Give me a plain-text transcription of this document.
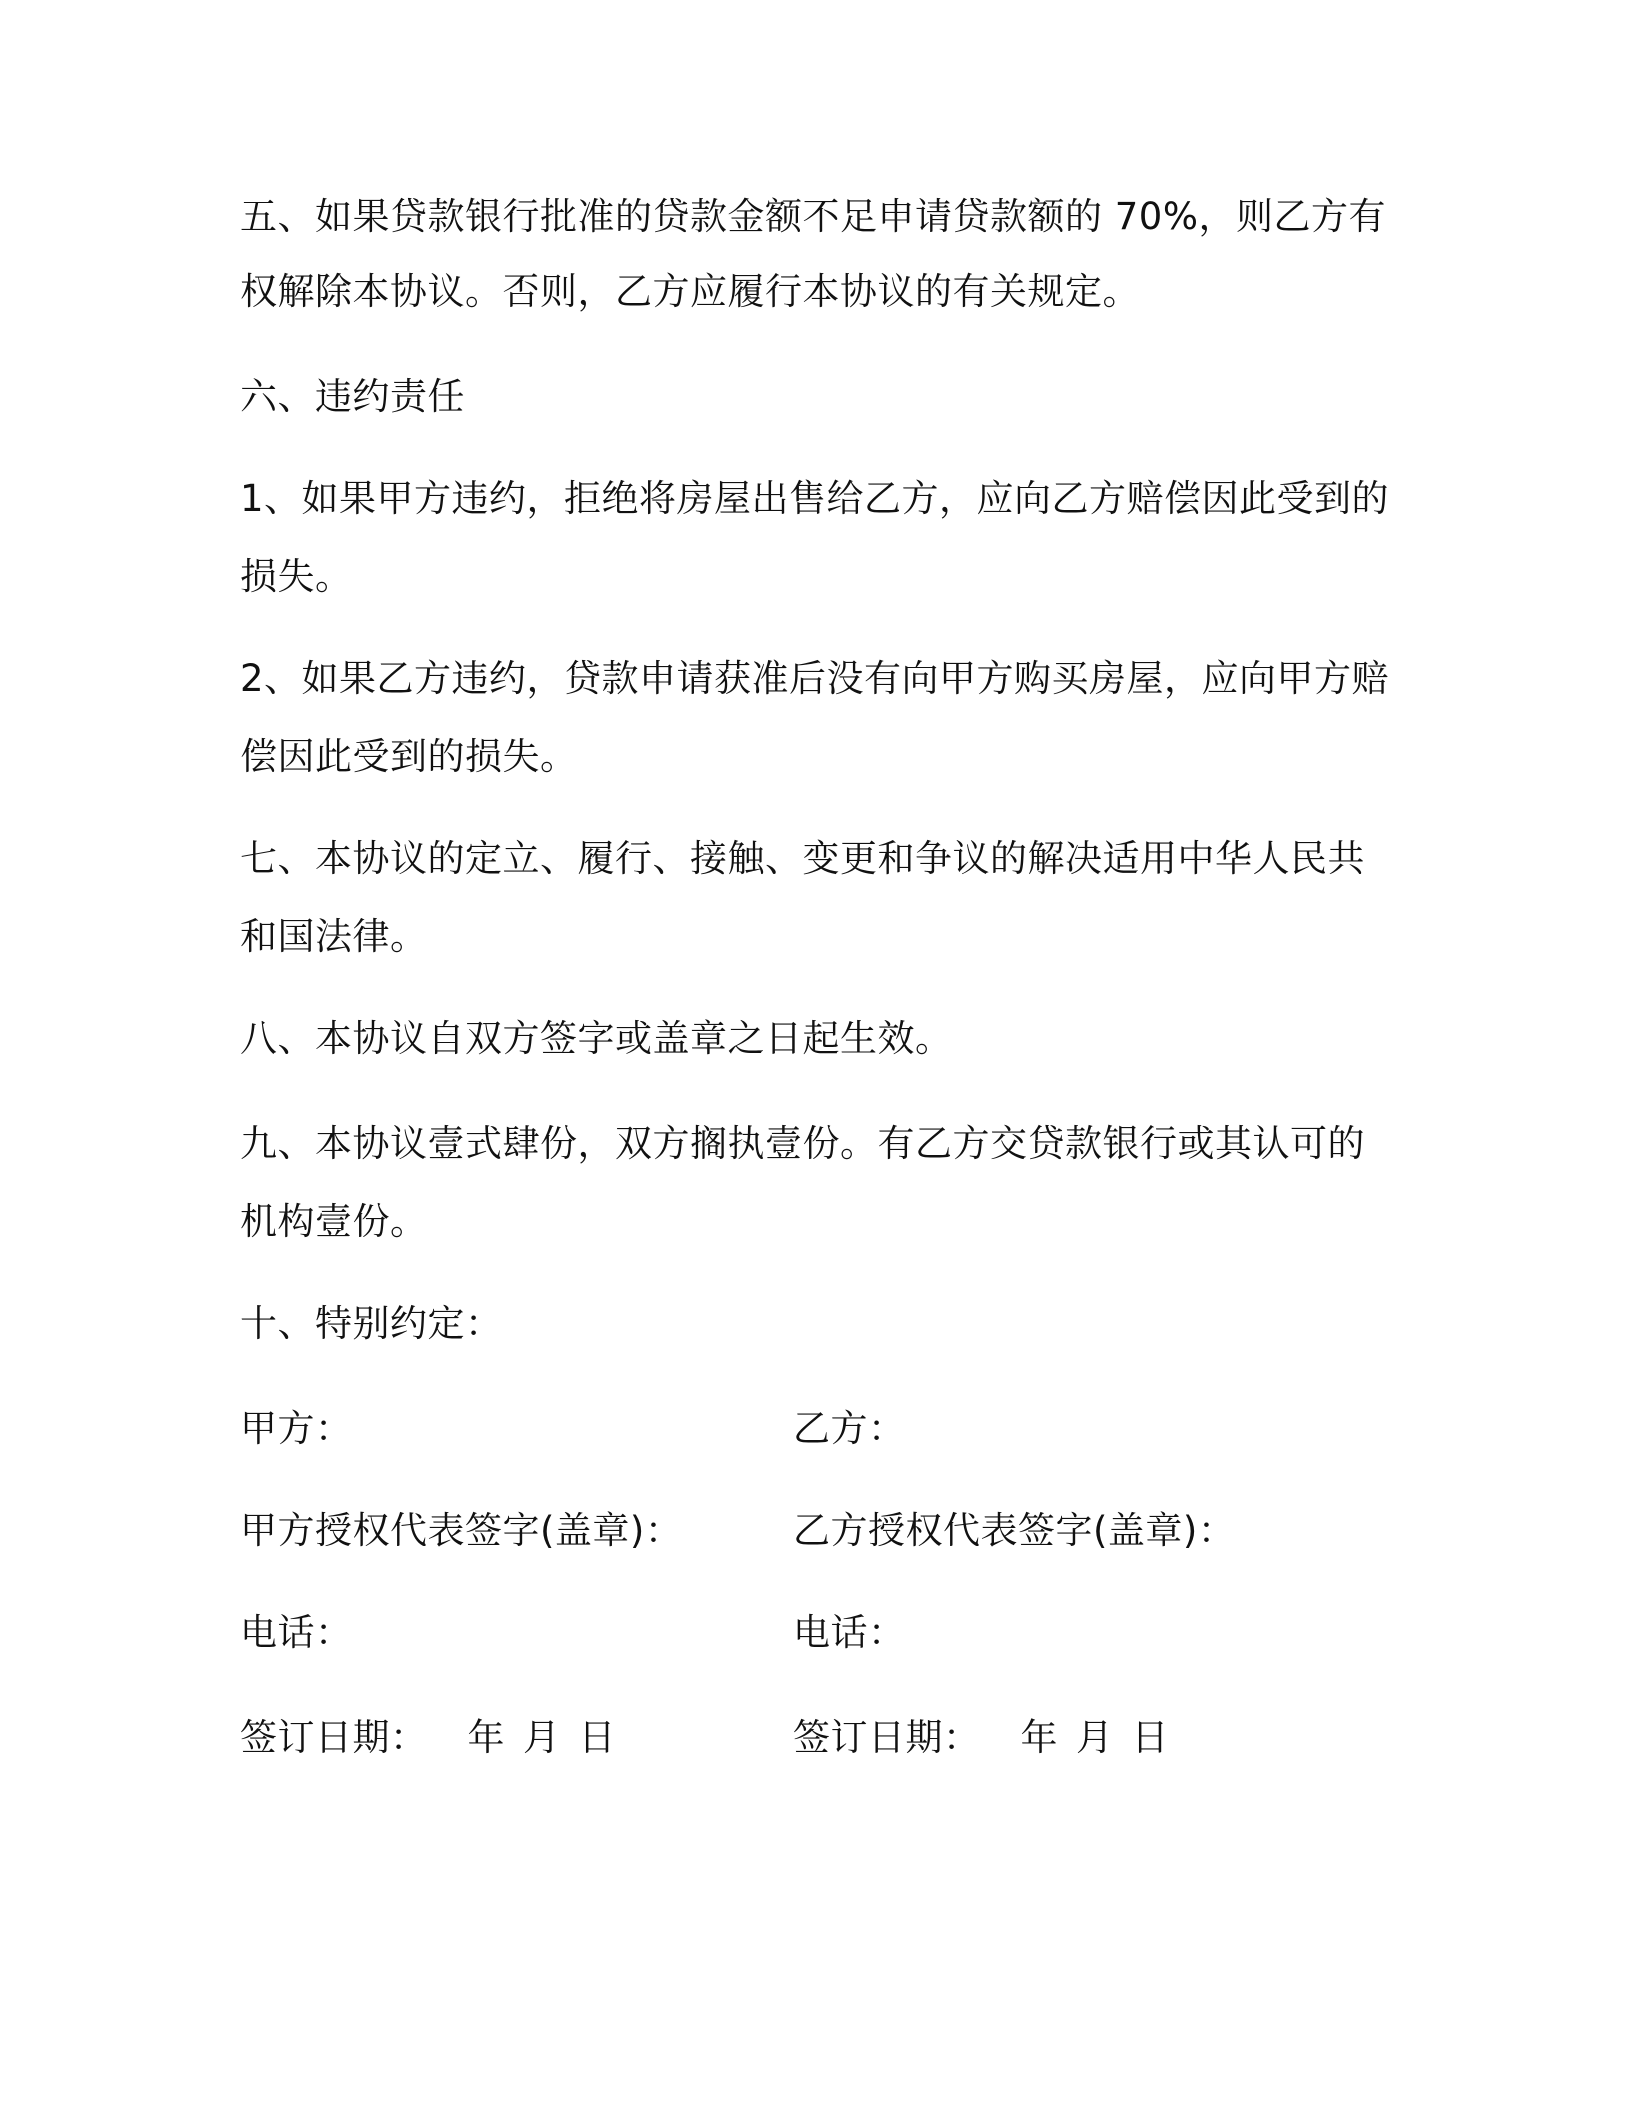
五、如果贷款银行批准的贷款金额不足申请贷款额的 70%，则乙方有
权解除本协议。否则，乙方应履行本协议的有关规定。
六、违约责任
1、如果甲方违约，拒绝将房屋出售给乙方，应向乙方赔偿因此受到的
损失。
2、如果乙方违约，贷款申请获准后没有向甲方购买房屋，应向甲方赔
偿因此受到的损失。
七、本协议的定立、履行、接触、变更和争议的解决适用中华人民共
和国法律。
八、本协议自双方签字或盖章之日起生效。
九、本协议壹式肆份，双方搁执壹份。有乙方交贷款银行或其认可的
机构壹份。
十、特别约定：
甲方：
甲方授权代表签字(盖章)：
电话：
签订日期： 年 月 日
乙方：
乙方授权代表签字(盖章)：
电话：
签订日期： 年 月 日
